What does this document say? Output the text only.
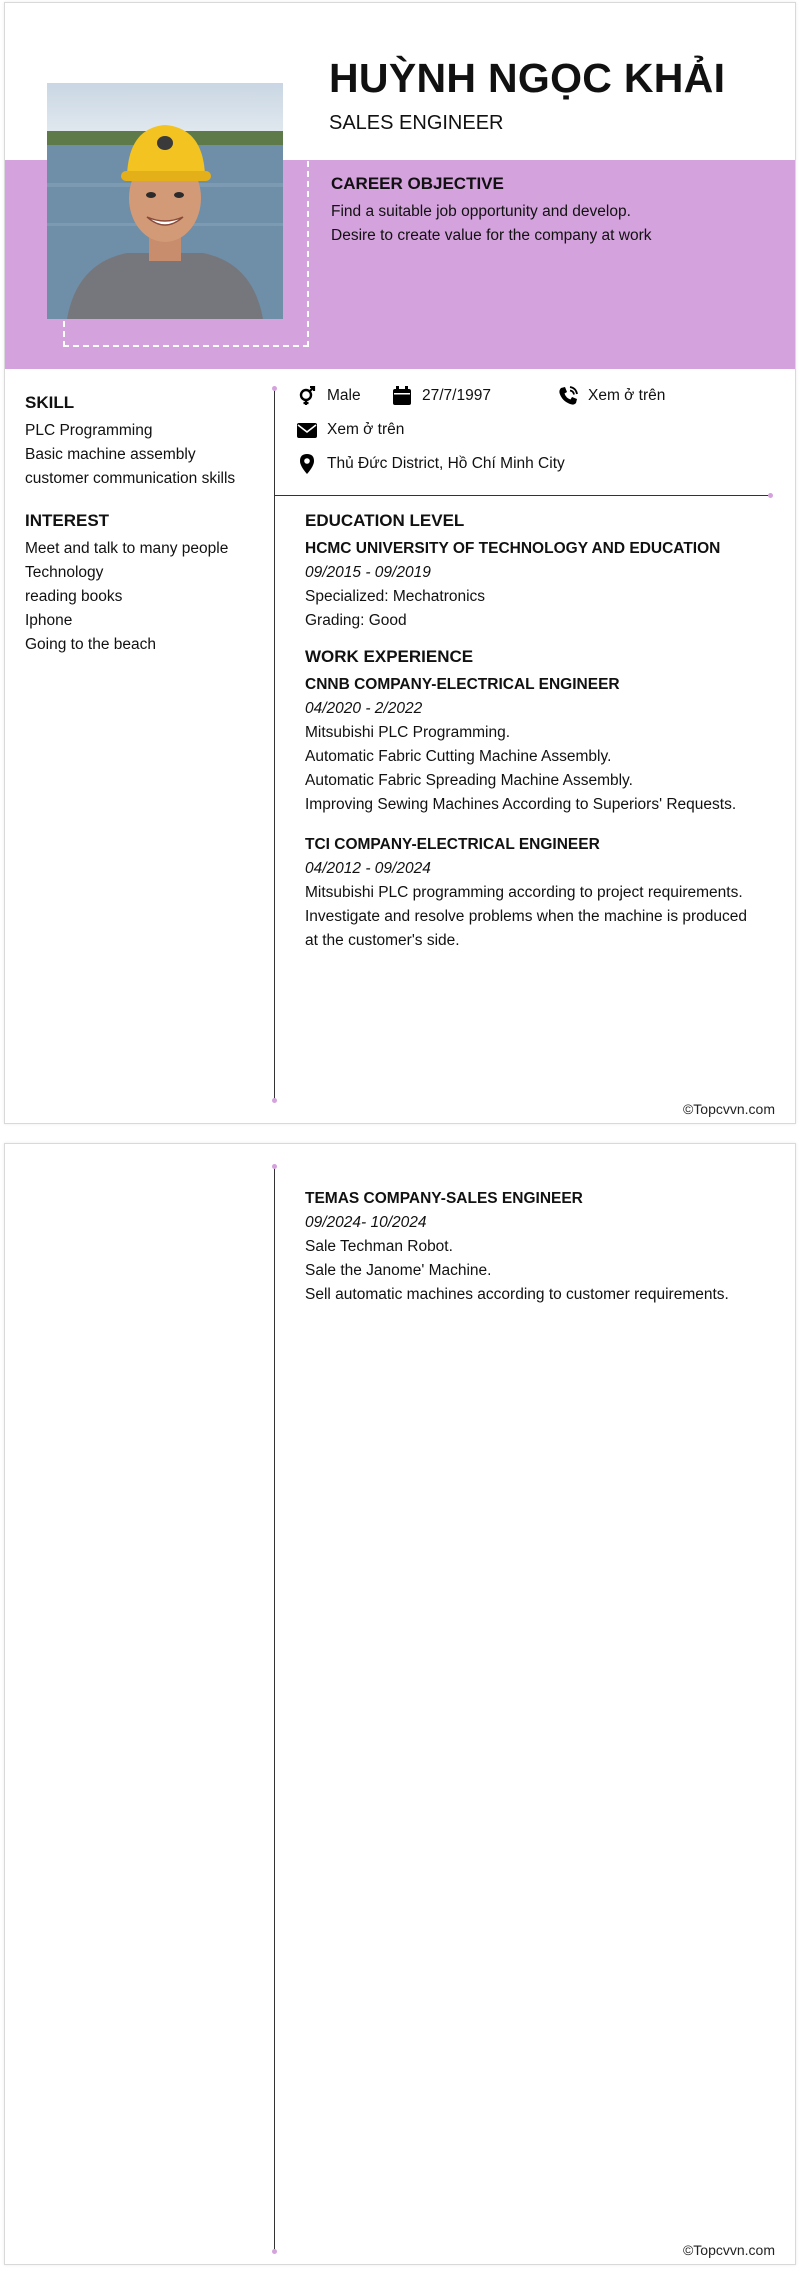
HUỲNH NGỌC KHẢI

SALES ENGINEER

CAREER OBJECTIVE

Find a suitable job opportunity and develop.

Desire to create value for the company at work

SKILL

PLC Programming
Basic machine assembly
customer communication skills

INTEREST

Meet and talk to many people
Technology
reading books
Iphone
Going to the beach
Male	27/7/1997	Xem ở trên
Xem ở trên
Thủ Đức District, Hồ Chí Minh City

EDUCATION LEVEL

HCMC UNIVERSITY OF TECHNOLOGY AND EDUCATION

09/2015 - 09/2019

Specialized: Mechatronics

Grading: Good

WORK EXPERIENCE

CNNB COMPANY-ELECTRICAL ENGINEER

04/2020 - 2/2022

Mitsubishi PLC Programming.

Automatic Fabric Cutting Machine Assembly.

Automatic Fabric Spreading Machine Assembly.

Improving Sewing Machines According to Superiors' Requests.

TCI COMPANY-ELECTRICAL ENGINEER

04/2012 - 09/2024

Mitsubishi PLC programming according to project requirements.

Investigate and resolve problems when the machine is produced

at the customer's side.

©Topcvvn.com

TEMAS COMPANY-SALES ENGINEER

09/2024- 10/2024

Sale Techman Robot.

Sale the Janome' Machine.

Sell automatic machines according to customer requirements.

©Topcvvn.com
